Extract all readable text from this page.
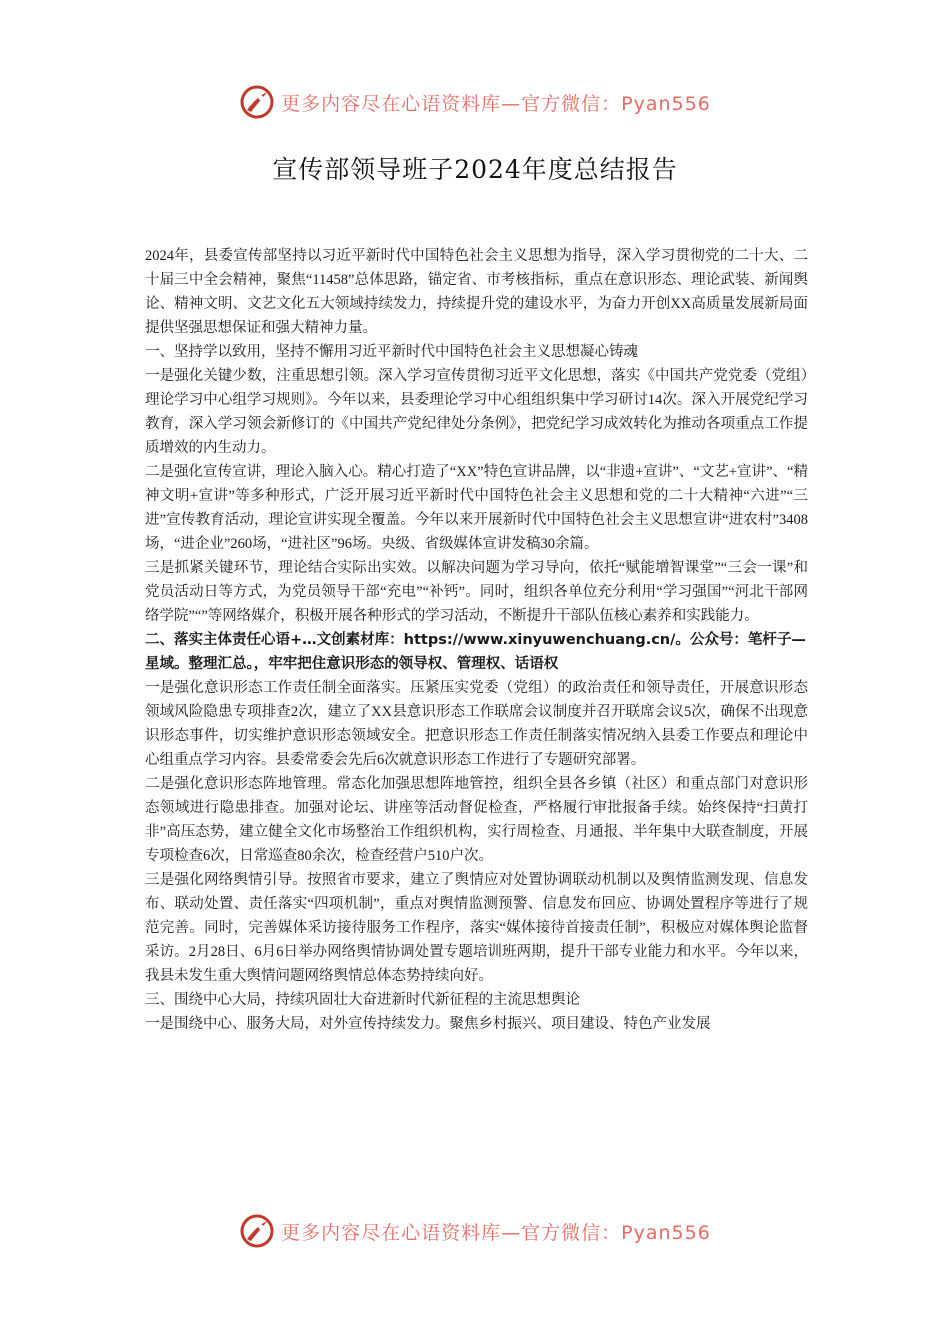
更多内容尽在心语资料库—官方微信：Pyan556
宣传部领导班子2024年度总结报告

2024年，县委宣传部坚持以习近平新时代中国特色社会主义思想为指导，深入学习贯彻党的二十大、二十届三中全会精神，聚焦“11458”总体思路，锚定省、市考核指标，重点在意识形态、理论武装、新闻舆论、精神文明、文艺文化五大领域持续发力，持续提升党的建设水平，为奋力开创XX高质量发展新局面提供坚强思想保证和强大精神力量。

一、坚持学以致用，坚持不懈用习近平新时代中国特色社会主义思想凝心铸魂

一是强化关键少数，注重思想引领。深入学习宣传贯彻习近平文化思想，落实《中国共产党党委（党组）理论学习中心组学习规则》。今年以来，县委理论学习中心组组织集中学习研讨14次。深入开展党纪学习教育，深入学习领会新修订的《中国共产党纪律处分条例》，把党纪学习成效转化为推动各项重点工作提质增效的内生动力。

二是强化宣传宣讲，理论入脑入心。精心打造了“XX”特色宣讲品牌，以“非遗+宣讲”、“文艺+宣讲”、“精神文明+宣讲”等多种形式，广泛开展习近平新时代中国特色社会主义思想和党的二十大精神“六进”“三进”宣传教育活动，理论宣讲实现全覆盖。今年以来开展新时代中国特色社会主义思想宣讲“进农村”3408场，“进企业”260场，“进社区”96场。央级、省级媒体宣讲发稿30余篇。

三是抓紧关键环节，理论结合实际出实效。以解决问题为学习导向，依托“赋能增智课堂”“三会一课”和党员活动日等方式，为党员领导干部“充电”“补钙”。同时，组织各单位充分利用“学习强国”“河北干部网络学院”“”等网络媒介，积极开展各种形式的学习活动，不断提升干部队伍核心素养和实践能力。

二、落实主体责任心语+…文创素材库：https://www.xinyuwenchuang.cn/。公众号：笔杆子—星域。整理汇总。，牢牢把住意识形态的领导权、管理权、话语权

一是强化意识形态工作责任制全面落实。压紧压实党委（党组）的政治责任和领导责任，开展意识形态领域风险隐患专项排查2次，建立了XX县意识形态工作联席会议制度并召开联席会议5次，确保不出现意识形态事件，切实维护意识形态领域安全。把意识形态工作责任制落实情况纳入县委工作要点和理论中心组重点学习内容。县委常委会先后6次就意识形态工作进行了专题研究部署。

二是强化意识形态阵地管理。常态化加强思想阵地管控，组织全县各乡镇（社区）和重点部门对意识形态领域进行隐患排查。加强对论坛、讲座等活动督促检查，严格履行审批报备手续。始终保持“扫黄打非”高压态势，建立健全文化市场整治工作组织机构，实行周检查、月通报、半年集中大联查制度，开展专项检查6次，日常巡查80余次，检查经营户510户次。

三是强化网络舆情引导。按照省市要求，建立了舆情应对处置协调联动机制以及舆情监测发现、信息发布、联动处置、责任落实“四项机制”，重点对舆情监测预警、信息发布回应、协调处置程序等进行了规范完善。同时，完善媒体采访接待服务工作程序，落实“媒体接待首接责任制”，积极应对媒体舆论监督采访。2月28日、6月6日举办网络舆情协调处置专题培训班两期，提升干部专业能力和水平。今年以来，我县未发生重大舆情问题网络舆情总体态势持续向好。

三、围绕中心大局，持续巩固壮大奋进新时代新征程的主流思想舆论

一是围绕中心、服务大局，对外宣传持续发力。聚焦乡村振兴、项目建设、特色产业发展

更多内容尽在心语资料库—官方微信：Pyan556
